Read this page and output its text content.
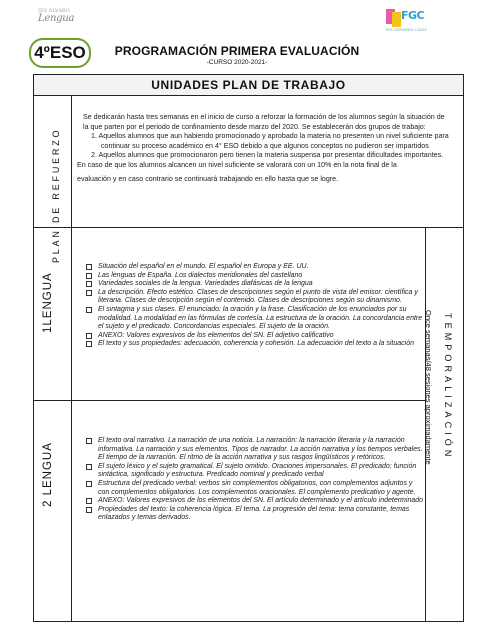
IES ÁLVARO
Lengua	FGC
IES GERARDO CÁDIZ
4ºESO	PROGRAMACIÓN PRIMERA EVALUACIÓN
-CURSO 2020-2021-
UNIDADES PLAN DE TRABAJO
PLAN DE REFUERZO
1LENGUA
2 LENGUA
Once semanas/48 sesiones aproximadamente TEMPORALIZACIÓN

Se dedicarán hasta tres semanas en el inicio de curso a reforzar la formación de los alumnos según la situación de la que parten por el periodo de confinamiento desde marzo del 2020. Se establecerán dos grupos de trabajo:

1. Aquellos alumnos que aun habiendo promocionado y aprobado la materia no presenten un nivel suficiente para continuar su proceso académico en 4° ESO debido a que algunos conceptos no pudieron ser impartidos

2. Aquellos alumnos que promocionaron pero tienen la materia suspensa por presentar dificultades importantes.

En caso de que los alumnos alcancen un nivel suficiente se valorará con un 10% en la nota final de la

evaluación y en caso contrario se continuará trabajando en ello hasta que se logre.

Situación del español en el mundo. El español en Europa y EE. UU.
Las lenguas de España. Los dialectos meridionales del castellano
Variedades sociales de la lengua. Variedades diafásicas de la lengua
La descripción. Efecto estético. Clases de descripciones según el punto de vista del emisor: científica y literaria. Clases de descripción según el contenido. Clases de descripciones según su dinamismo.
El sintagma y sus clases. El enunciado: la oración y la frase. Clasificación de los enunciados por su modalidad. La modalidad en las fórmulas de cortesía. La estructura de la oración. La concordancia entre el sujeto y el predicado. Concordancias especiales. El sujeto de la oración.
ANEXO: Valores expresivos de los elementos del SN. El adjetivo calificativo
El texto y sus propiedades: adecuación, coherencia y cohesión. La adecuación del texto a la situación
El texto oral narrativo. La narración de una noticia. La narración: la narración literaria y la narración informativa. La narración y sus elementos. Tipos de narrador. La acción narrativa y los tiempos verbales. El tiempo de la narración. El ritmo de la acción narrativa y sus rasgos lingüísticos y retóricos.
El sujeto léxico y el sujeto gramatical. El sujeto omitido. Oraciones impersonales. El predicado: función sintáctica, significado y estructura. Predicado nominal y predicado verbal
Estructura del predicado verbal: verbos sin complementos obligatorios, con complementos adjuntos y con complementos obligatorios. Los complementos oracionales. El complemento predicativo y agente.
ANEXO: Valores expresivos de los elementos del SN. El artículo determinado y el artículo indeterminado
Propiedades del texto: la coherencia lógica. El tema. La progresión del tema: tema constante, temas enlazados y temas derivados.
